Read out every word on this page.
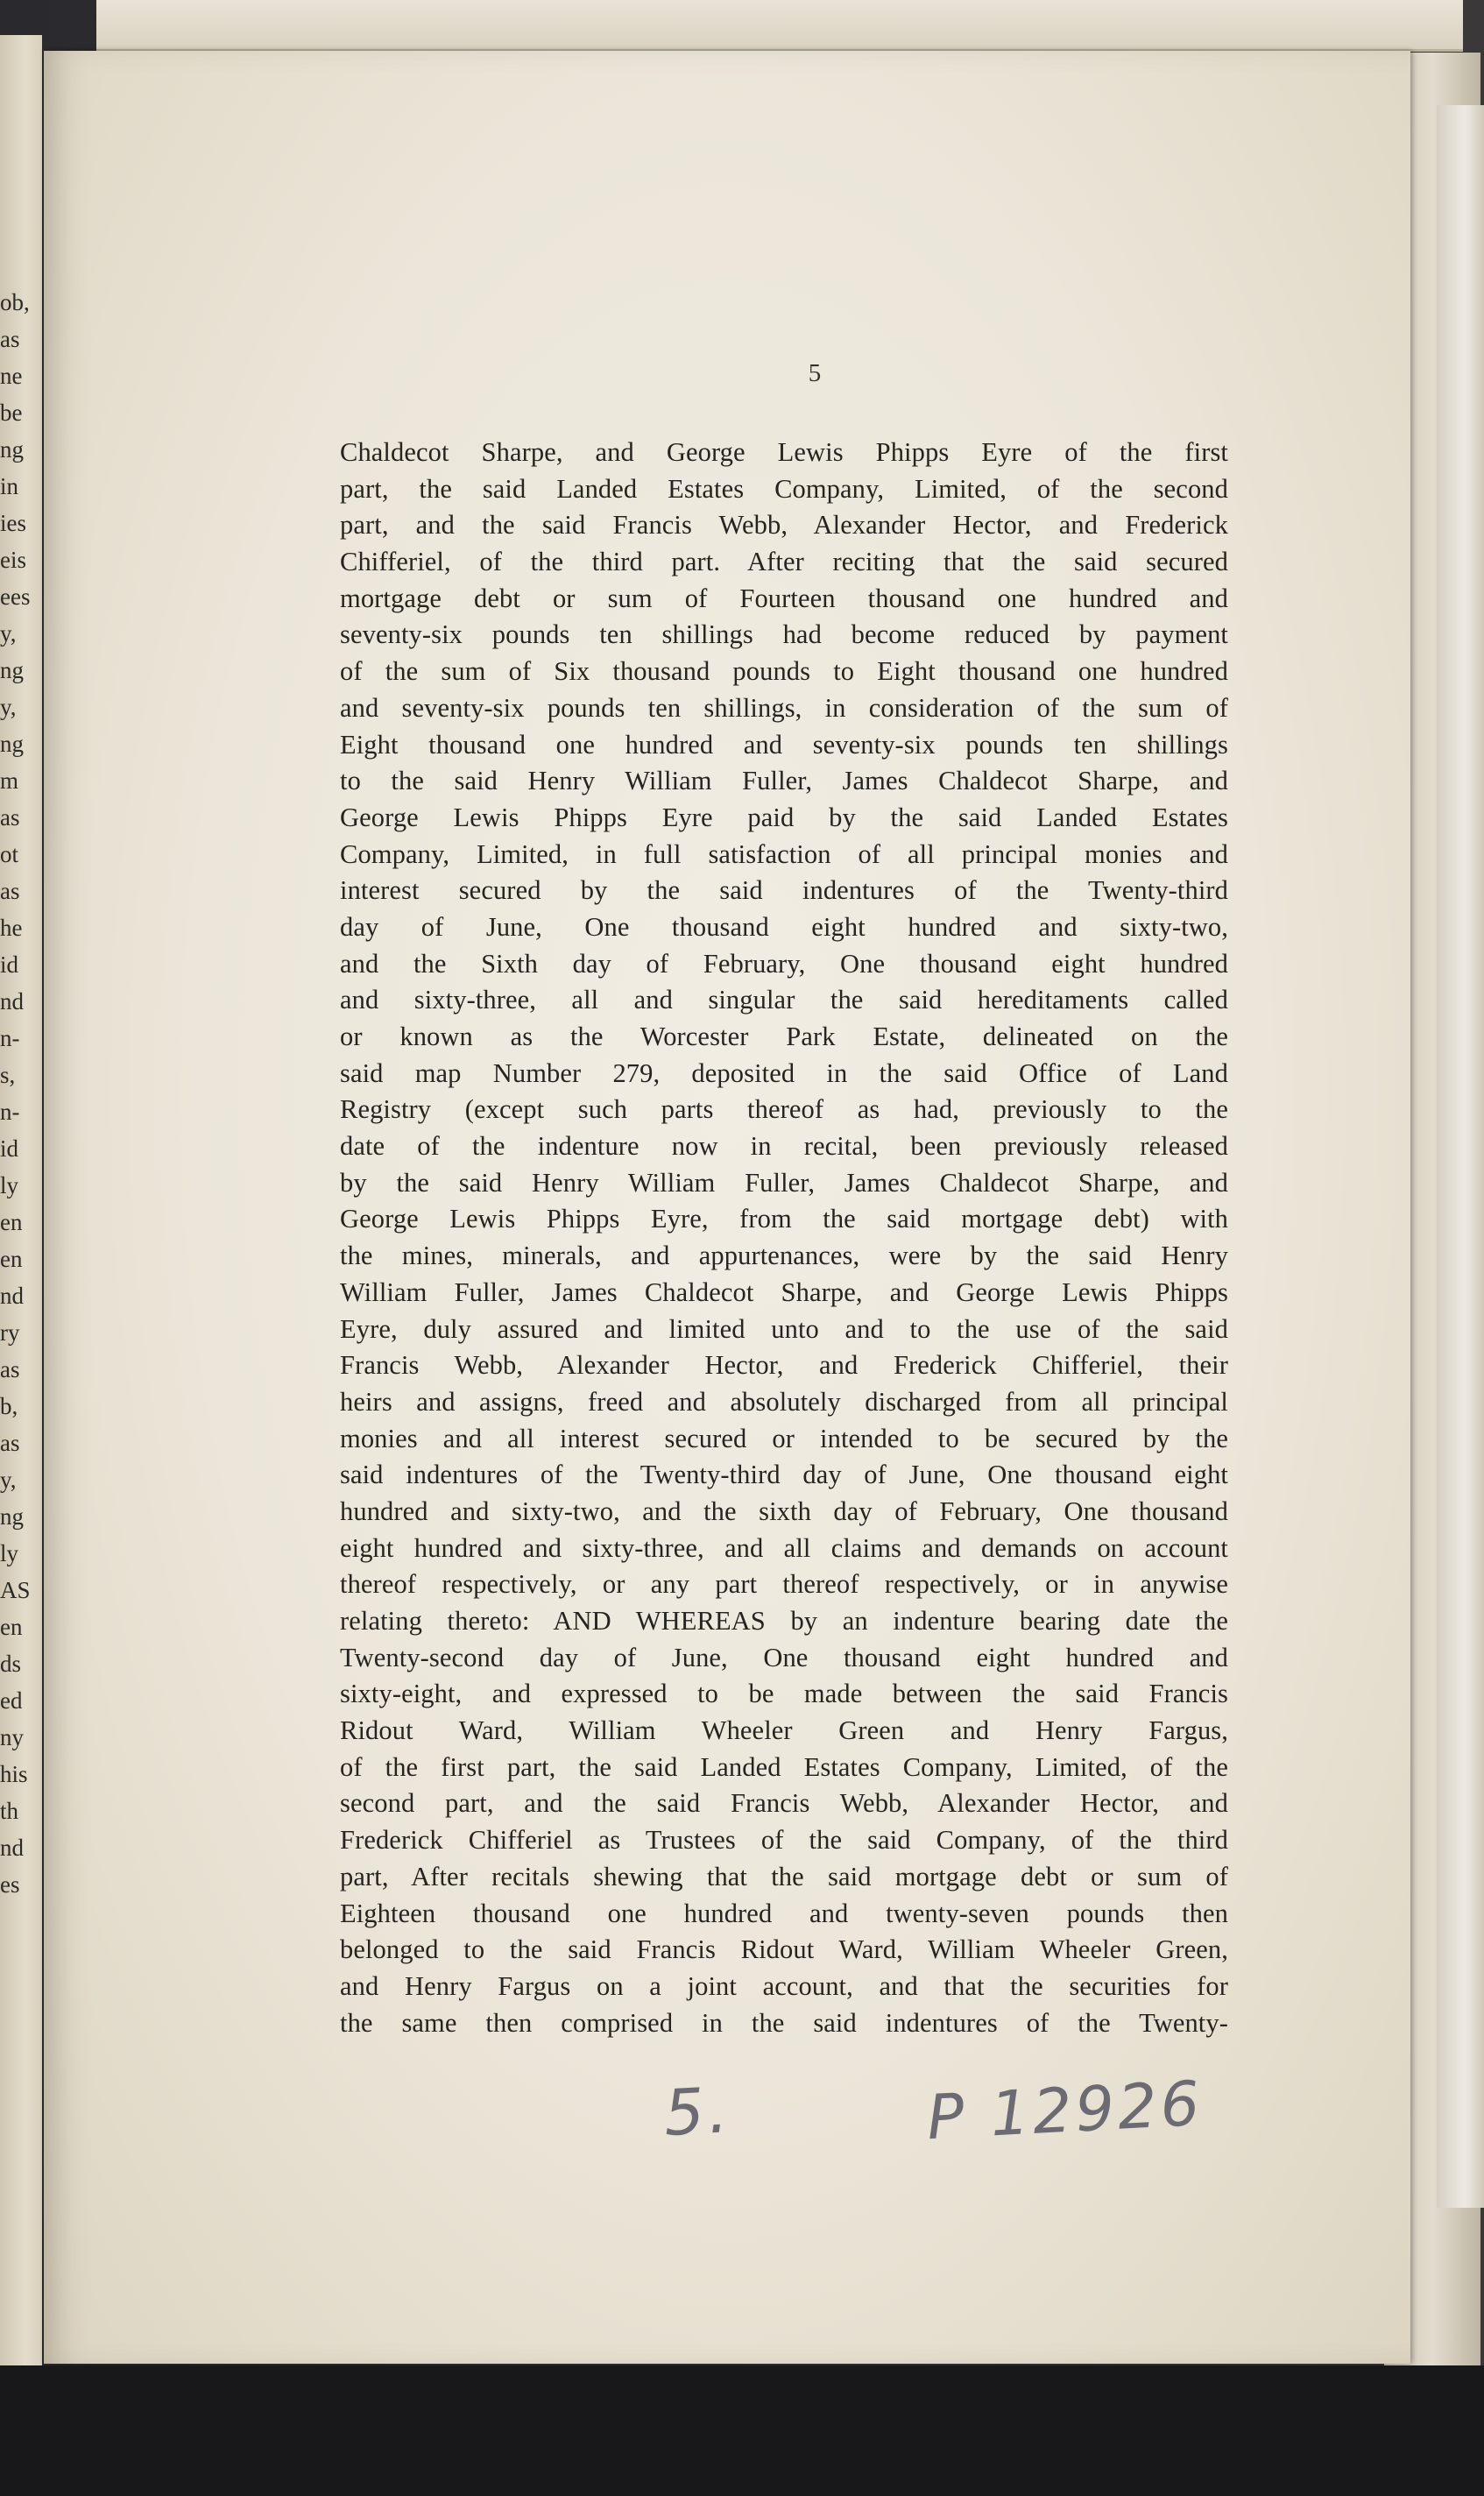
ob,
as
ne
be
ng
in
ies
eis
ees
y,
ng
y,
ng
m
as
ot
as
he
id
nd
n-
s,
n-
id
ly
en
en
nd
ry
as
b,
as
y,
ng
ly
AS
en
ds
ed
ny
his
th
nd
es
5
Chaldecot Sharpe, and George Lewis Phipps Eyre of the first
part, the said Landed Estates Company, Limited, of the second
part, and the said Francis Webb, Alexander Hector, and Frederick
Chifferiel, of the third part. After reciting that the said secured
mortgage debt or sum of Fourteen thousand one hundred and
seventy-six pounds ten shillings had become reduced by payment
of the sum of Six thousand pounds to Eight thousand one hundred
and seventy-six pounds ten shillings, in consideration of the sum of
Eight thousand one hundred and seventy-six pounds ten shillings
to the said Henry William Fuller, James Chaldecot Sharpe, and
George Lewis Phipps Eyre paid by the said Landed Estates
Company, Limited, in full satisfaction of all principal monies and
interest secured by the said indentures of the Twenty-third
day of June, One thousand eight hundred and sixty-two,
and the Sixth day of February, One thousand eight hundred
and sixty-three, all and singular the said hereditaments called
or known as the Worcester Park Estate, delineated on the
said map Number 279, deposited in the said Office of Land
Registry (except such parts thereof as had, previously to the
date of the indenture now in recital, been previously released
by the said Henry William Fuller, James Chaldecot Sharpe, and
George Lewis Phipps Eyre, from the said mortgage debt) with
the mines, minerals, and appurtenances, were by the said Henry
William Fuller, James Chaldecot Sharpe, and George Lewis Phipps
Eyre, duly assured and limited unto and to the use of the said
Francis Webb, Alexander Hector, and Frederick Chifferiel, their
heirs and assigns, freed and absolutely discharged from all principal
monies and all interest secured or intended to be secured by the
said indentures of the Twenty-third day of June, One thousand eight
hundred and sixty-two, and the sixth day of February, One thousand
eight hundred and sixty-three, and all claims and demands on account
thereof respectively, or any part thereof respectively, or in anywise
relating thereto: AND WHEREAS by an indenture bearing date the
Twenty-second day of June, One thousand eight hundred and
sixty-eight, and expressed to be made between the said Francis
Ridout Ward, William Wheeler Green and Henry Fargus,
of the first part, the said Landed Estates Company, Limited, of the
second part, and the said Francis Webb, Alexander Hector, and
Frederick Chifferiel as Trustees of the said Company, of the third
part, After recitals shewing that the said mortgage debt or sum of
Eighteen thousand one hundred and twenty-seven pounds then
belonged to the said Francis Ridout Ward, William Wheeler Green,
and Henry Fargus on a joint account, and that the securities for
the same then comprised in the said indentures of the Twenty-
5.	P 12926
